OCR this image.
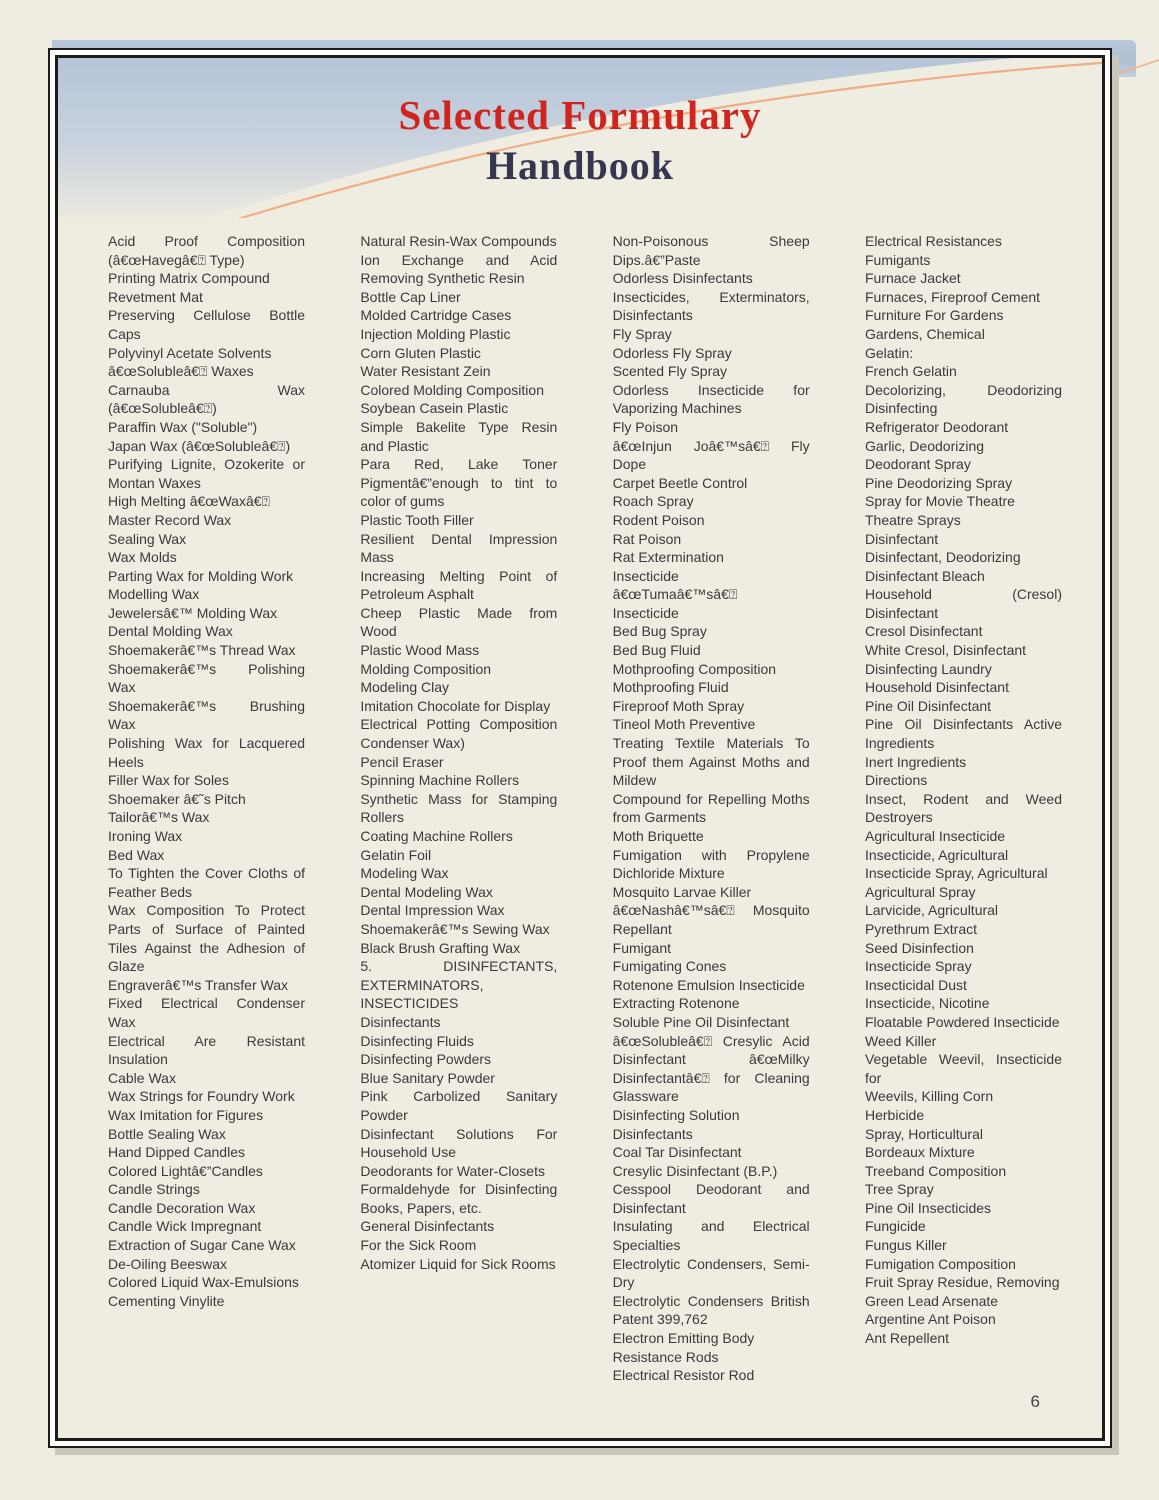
Selected Formulary
Handbook

Acid Proof Composition (â€œHavegâ€⍰ Type)

Printing Matrix Compound

Revetment Mat

Preserving Cellulose Bottle Caps

Polyvinyl Acetate Solvents

â€œSolubleâ€⍰ Waxes

Carnauba Wax (â€œSolubleâ€⍰)

Paraffin Wax ("Soluble")

Japan Wax (â€œSolubleâ€⍰)

Purifying Lignite, Ozokerite or Montan Waxes

High Melting â€œWaxâ€⍰

Master Record Wax

Sealing Wax

Wax Molds

Parting Wax for Molding Work

Modelling Wax

Jewelersâ€™ Molding Wax

Dental Molding Wax

Shoemakerâ€™s Thread Wax

Shoemakerâ€™s Polishing Wax

Shoemakerâ€™s Brushing Wax

Polishing Wax for Lacquered Heels

Filler Wax for Soles

Shoemaker â€˜s Pitch

Tailorâ€™s Wax

Ironing Wax

Bed Wax

To Tighten the Cover Cloths of Feather Beds

Wax Composition To Protect Parts of Surface of Painted Tiles Against the Adhesion of Glaze

Engraverâ€™s Transfer Wax

Fixed Electrical Condenser Wax

Electrical Are Resistant Insulation

Cable Wax

Wax Strings for Foundry Work

Wax Imitation for Figures

Bottle Sealing Wax

Hand Dipped Candles

Colored Lightâ€”Candles

Candle Strings

Candle Decoration Wax

Candle Wick Impregnant

Extraction of Sugar Cane Wax

De-Oiling Beeswax

Colored Liquid Wax-Emulsions

Cementing Vinylite

Natural Resin-Wax Compounds

Ion Exchange and Acid Removing Synthetic Resin

Bottle Cap Liner

Molded Cartridge Cases

Injection Molding Plastic

Corn Gluten Plastic

Water Resistant Zein

Colored Molding Composition

Soybean Casein Plastic

Simple Bakelite Type Resin and Plastic

Para Red, Lake Toner Pigmentâ€”enough to tint to color of gums

Plastic Tooth Filler

Resilient Dental Impression Mass

Increasing Melting Point of Petroleum Asphalt

Cheep Plastic Made from Wood

Plastic Wood Mass

Molding Composition

Modeling Clay

Imitation Chocolate for Display

Electrical Potting Composition Condenser Wax)

Pencil Eraser

Spinning Machine Rollers

Synthetic Mass for Stamping Rollers

Coating Machine Rollers

Gelatin Foil

Modeling Wax

Dental Modeling Wax

Dental Impression Wax

Shoemakerâ€™s Sewing Wax

Black Brush Grafting Wax

5. DISINFECTANTS, EXTERMINATORS, INSECTICIDES

Disinfectants

Disinfecting Fluids

Disinfecting Powders

Blue Sanitary Powder

Pink Carbolized Sanitary Powder

Disinfectant Solutions For Household Use

Deodorants for Water-Closets

Formaldehyde for Disinfecting Books, Papers, etc.

General Disinfectants

For the Sick Room

Atomizer Liquid for Sick Rooms

Non-Poisonous Sheep Dips.â€”Paste

Odorless Disinfectants

Insecticides, Exterminators, Disinfectants

Fly Spray

Odorless Fly Spray

Scented Fly Spray

Odorless Insecticide for Vaporizing Machines

Fly Poison

â€œInjun Joâ€™sâ€⍰ Fly Dope

Carpet Beetle Control

Roach Spray

Rodent Poison

Rat Poison

Rat Extermination

Insecticide

â€œTumaâ€™sâ€⍰

Insecticide

Bed Bug Spray

Bed Bug Fluid

Mothproofing Composition

Mothproofing Fluid

Fireproof Moth Spray

Tineol Moth Preventive

Treating Textile Materials To Proof them Against Moths and Mildew

Compound for Repelling Moths from Garments

Moth Briquette

Fumigation with Propylene Dichloride Mixture

Mosquito Larvae Killer

â€œNashâ€™sâ€⍰ Mosquito Repellant

Fumigant

Fumigating Cones

Rotenone Emulsion Insecticide

Extracting Rotenone

Soluble Pine Oil Disinfectant

â€œSolubleâ€⍰ Cresylic Acid Disinfectant â€œMilky Disinfectantâ€⍰ for Cleaning Glassware

Disinfecting Solution

Disinfectants

Coal Tar Disinfectant

Cresylic Disinfectant (B.P.)

Cesspool Deodorant and Disinfectant

Insulating and Electrical Specialties

Electrolytic Condensers, Semi-Dry

Electrolytic Condensers British Patent 399,762

Electron Emitting Body

Resistance Rods

Electrical Resistor Rod

Electrical Resistances

Fumigants

Furnace Jacket

Furnaces, Fireproof Cement

Furniture For Gardens

Gardens, Chemical

Gelatin:

French Gelatin

Decolorizing, Deodorizing Disinfecting

Refrigerator Deodorant

Garlic, Deodorizing

Deodorant Spray

Pine Deodorizing Spray

Spray for Movie Theatre

Theatre Sprays

Disinfectant

Disinfectant, Deodorizing

Disinfectant Bleach

Household (Cresol) Disinfectant

Cresol Disinfectant

White Cresol, Disinfectant

Disinfecting Laundry

Household Disinfectant

Pine Oil Disinfectant

Pine Oil Disinfectants Active Ingredients

Inert Ingredients

Directions

Insect, Rodent and Weed Destroyers

Agricultural Insecticide

Insecticide, Agricultural

Insecticide Spray, Agricultural

Agricultural Spray

Larvicide, Agricultural

Pyrethrum Extract

Seed Disinfection

Insecticide Spray

Insecticidal Dust

Insecticide, Nicotine

Floatable Powdered Insecticide

Weed Killer

Vegetable Weevil, Insecticide for

Weevils, Killing Corn

Herbicide

Spray, Horticultural

Bordeaux Mixture

Treeband Composition

Tree Spray

Pine Oil Insecticides

Fungicide

Fungus Killer

Fumigation Composition

Fruit Spray Residue, Removing

Green Lead Arsenate

Argentine Ant Poison

Ant Repellent

6
